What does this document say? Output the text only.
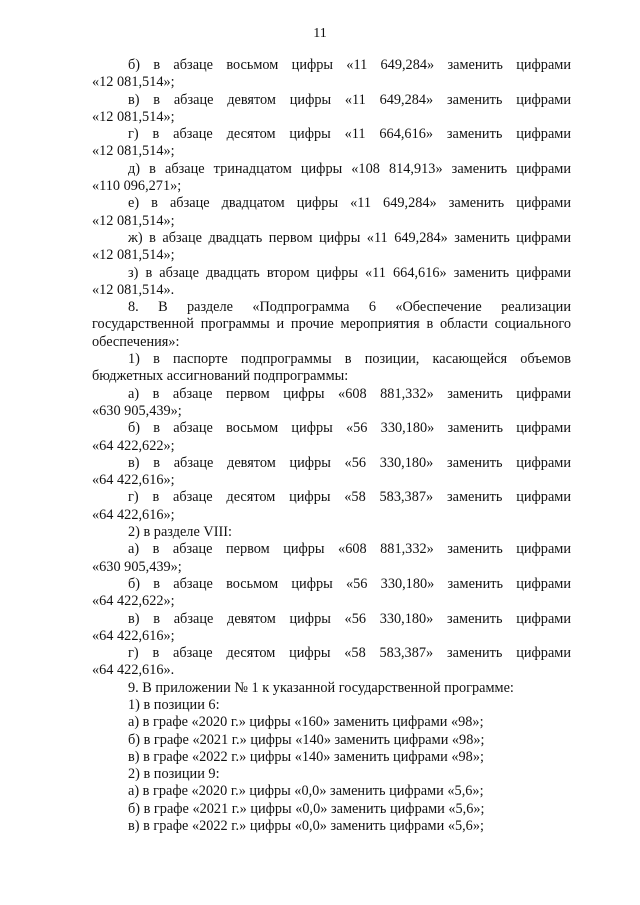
11
б) в абзаце восьмом цифры «11 649,284» заменить цифрами
«12 081,514»;
в) в абзаце девятом цифры «11 649,284» заменить цифрами
«12 081,514»;
г) в абзаце десятом цифры «11 664,616» заменить цифрами
«12 081,514»;
д) в абзаце тринадцатом цифры «108 814,913» заменить цифрами
«110 096,271»;
е) в абзаце двадцатом цифры «11 649,284» заменить цифрами
«12 081,514»;
ж) в абзаце двадцать первом цифры «11 649,284» заменить цифрами
«12 081,514»;
з) в абзаце двадцать втором цифры «11 664,616» заменить цифрами
«12 081,514».
8. В разделе «Подпрограмма 6 «Обеспечение реализации
государственной программы и прочие мероприятия в области социального
обеспечения»:
1) в паспорте подпрограммы в позиции, касающейся объемов
бюджетных ассигнований подпрограммы:
а) в абзаце первом цифры «608 881,332» заменить цифрами
«630 905,439»;
б) в абзаце восьмом цифры «56 330,180» заменить цифрами
«64 422,622»;
в) в абзаце девятом цифры «56 330,180» заменить цифрами
«64 422,616»;
г) в абзаце десятом цифры «58 583,387» заменить цифрами
«64 422,616»;
2) в разделе VIII:
а) в абзаце первом цифры «608 881,332» заменить цифрами
«630 905,439»;
б) в абзаце восьмом цифры «56 330,180» заменить цифрами
«64 422,622»;
в) в абзаце девятом цифры «56 330,180» заменить цифрами
«64 422,616»;
г) в абзаце десятом цифры «58 583,387» заменить цифрами
«64 422,616».
9. В приложении № 1 к указанной государственной программе:
1) в позиции 6:
а) в графе «2020 г.» цифры «160» заменить цифрами «98»;
б) в графе «2021 г.» цифры «140» заменить цифрами «98»;
в) в графе «2022 г.» цифры «140» заменить цифрами «98»;
2) в позиции 9:
а) в графе «2020 г.» цифры «0,0» заменить цифрами «5,6»;
б) в графе «2021 г.» цифры «0,0» заменить цифрами «5,6»;
в) в графе «2022 г.» цифры «0,0» заменить цифрами «5,6»;
